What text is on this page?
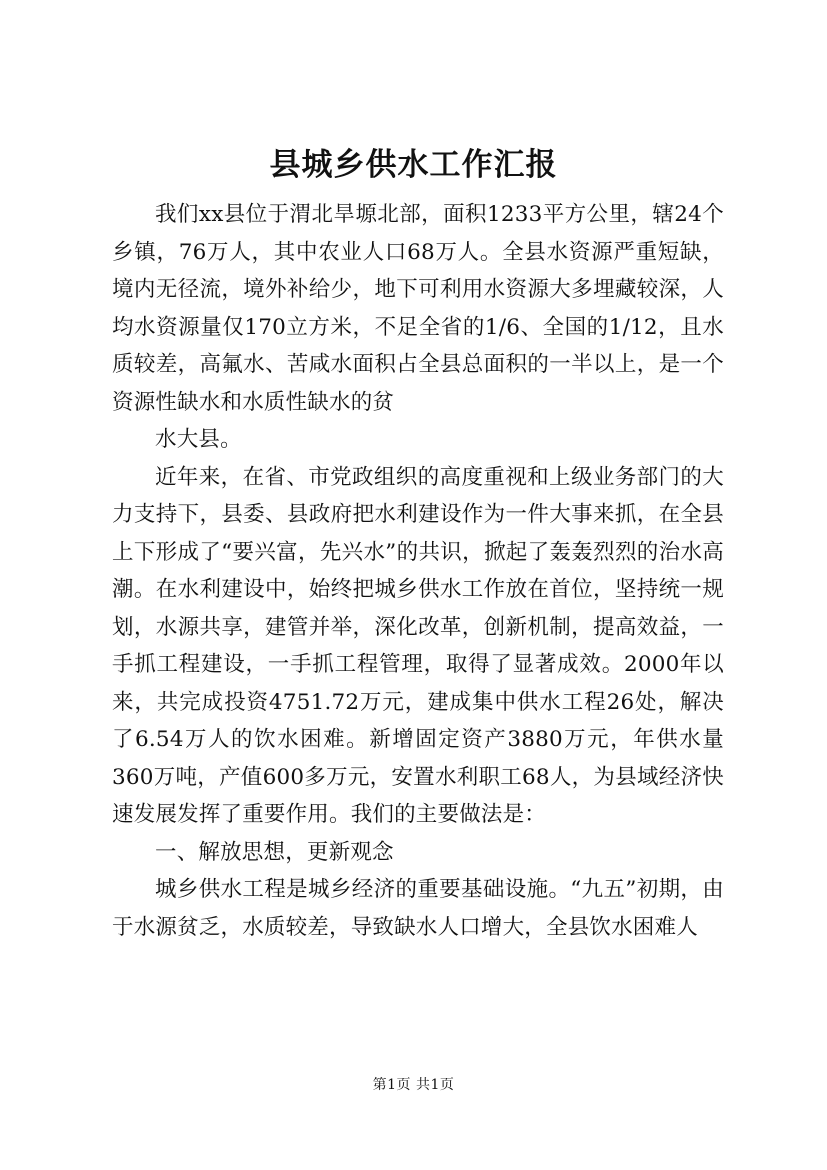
县城乡供水工作汇报

我们xx县位于渭北旱塬北部，面积1233平方公里，辖24个乡镇，76万人，其中农业人口68万人。全县水资源严重短缺，境内无径流，境外补给少，地下可利用水资源大多埋藏较深，人均水资源量仅170立方米，不足全省的1/6、全国的1/12，且水质较差，高氟水、苦咸水面积占全县总面积的一半以上，是一个资源性缺水和水质性缺水的贫

水大县。

近年来，在省、市党政组织的高度重视和上级业务部门的大力支持下，县委、县政府把水利建设作为一件大事来抓，在全县上下形成了“要兴富，先兴水”的共识，掀起了轰轰烈烈的治水高潮。在水利建设中，始终把城乡供水工作放在首位，坚持统一规划，水源共享，建管并举，深化改革，创新机制，提高效益，一手抓工程建设，一手抓工程管理，取得了显著成效。2000年以来，共完成投资4751.72万元，建成集中供水工程26处，解决了6.54万人的饮水困难。新增固定资产3880万元，年供水量360万吨，产值600多万元，安置水利职工68人，为县域经济快速发展发挥了重要作用。我们的主要做法是：

一、解放思想，更新观念

城乡供水工程是城乡经济的重要基础设施。“九五”初期，由于水源贫乏，水质较差，导致缺水人口增大，全县饮水困难人

第1页 共1页
